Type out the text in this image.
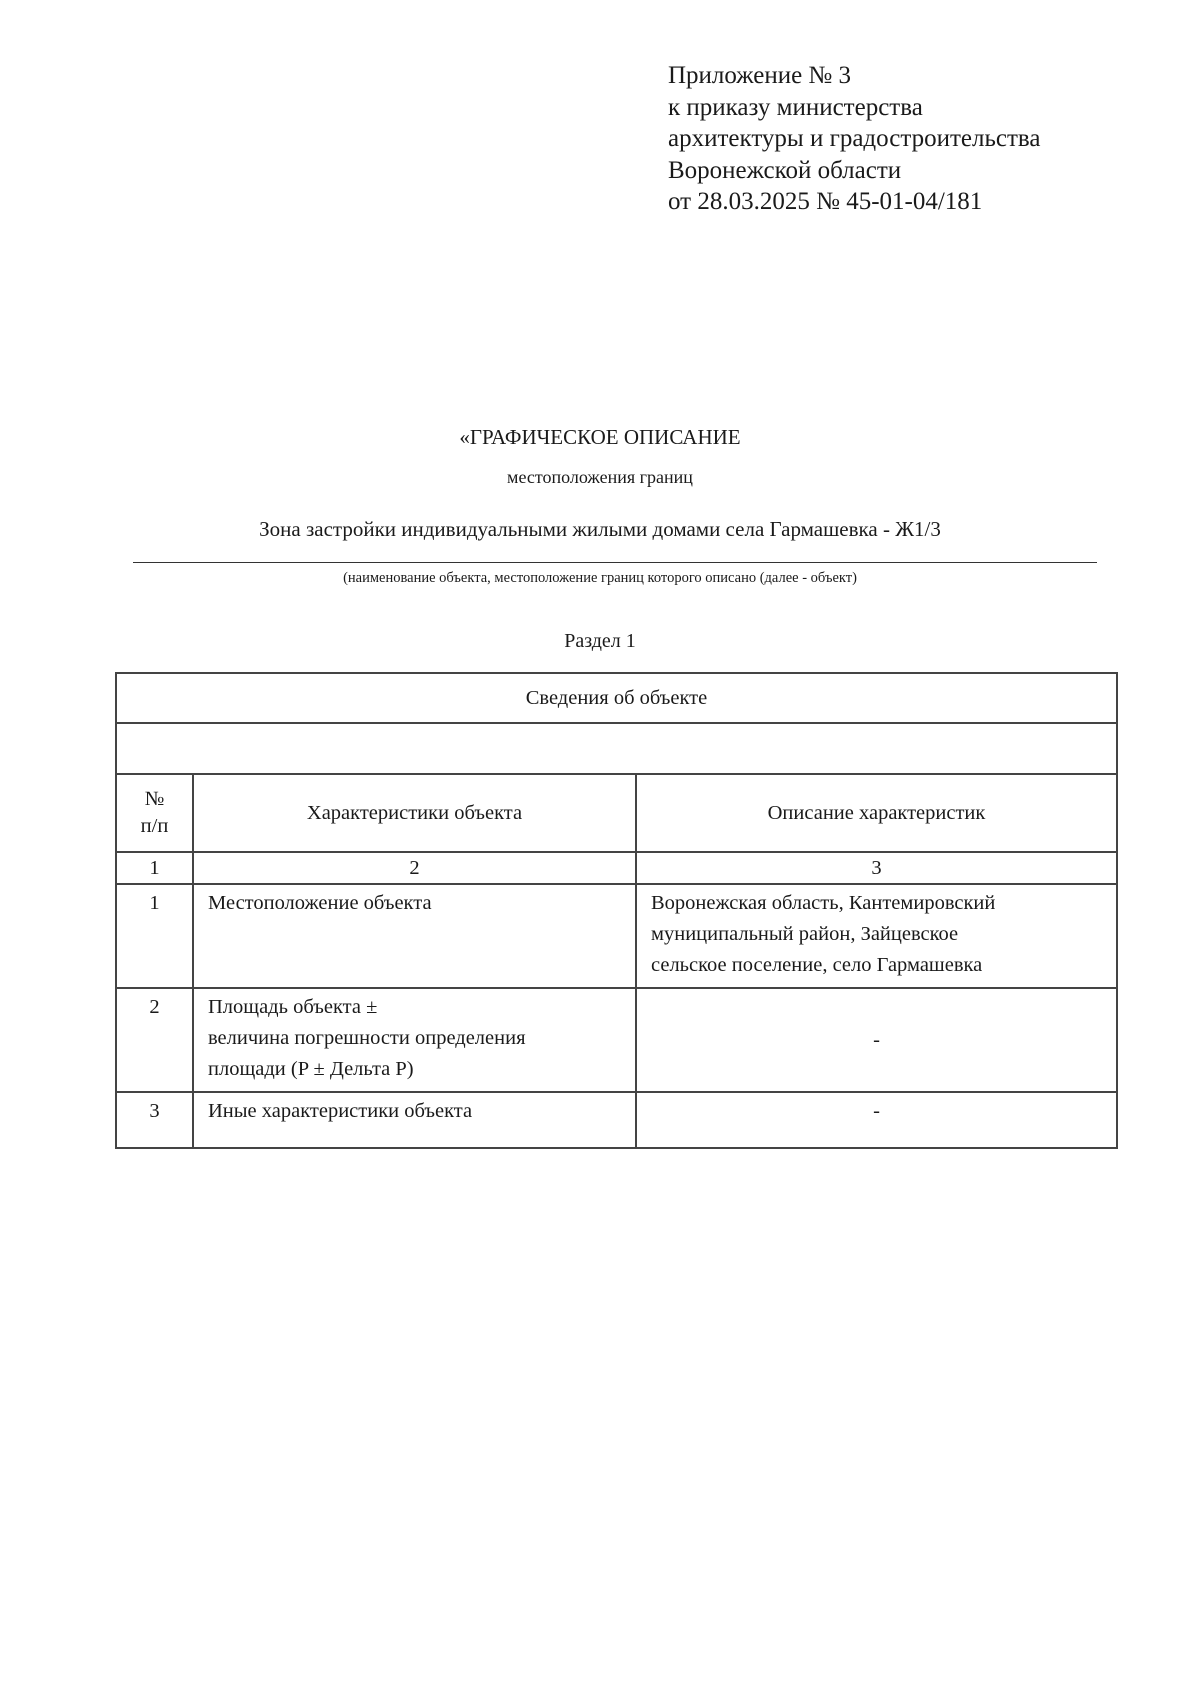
Приложение № 3
к приказу министерства
архитектуры и градостроительства
Воронежской области
от 28.03.2025 № 45-01-04/181
«ГРАФИЧЕСКОЕ ОПИСАНИЕ
местоположения границ
Зона застройки индивидуальными жилыми домами села Гармашевка - Ж1/3
(наименование объекта, местоположение границ которого описано (далее - объект)
Раздел 1
Сведения об объекте		

№
п/п	Характеристики объекта	Описание характеристик
1	2	3
1	Местоположение объекта	Воронежская область, Кантемировский
муниципальный район, Зайцевское
сельское поселение, село Гармашевка

2	Площадь объекта ±
величина погрешности определения
площади (P ± Дельта P)	-
3	Иные характеристики объекта	-
